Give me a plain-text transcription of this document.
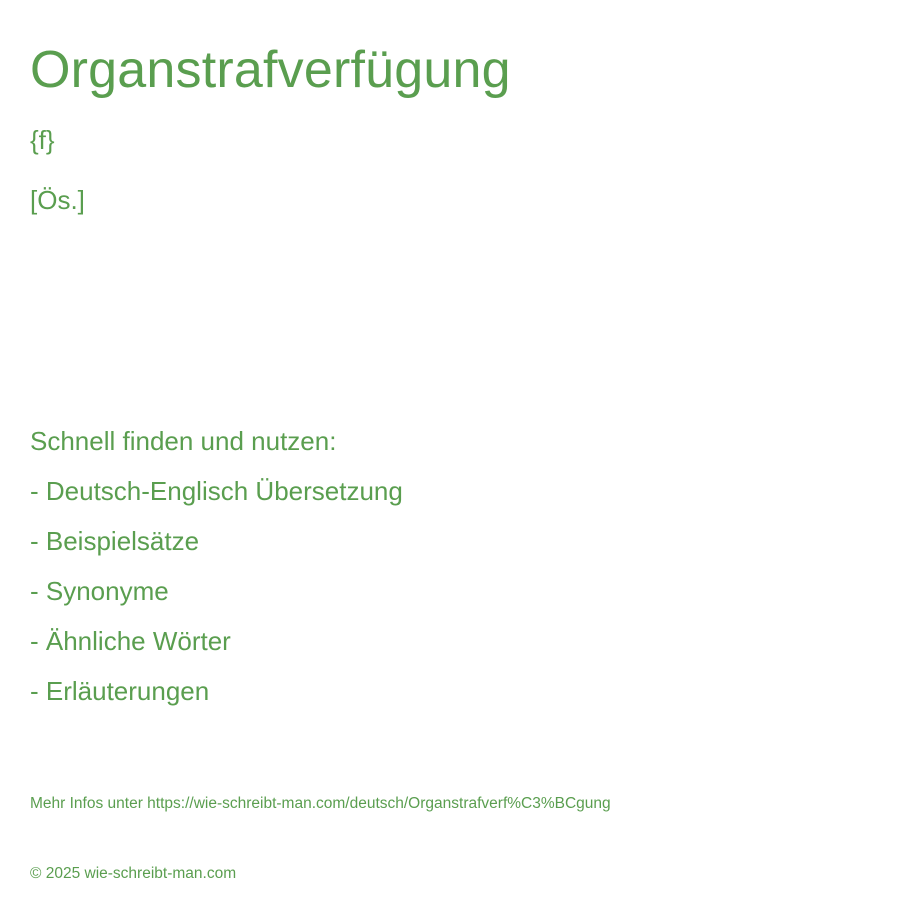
Organstrafverfügung
{f}
[Ös.]
Schnell finden und nutzen:
- Deutsch-Englisch Übersetzung
- Beispielsätze
- Synonyme
- Ähnliche Wörter
- Erläuterungen
Mehr Infos unter https://wie-schreibt-man.com/deutsch/Organstrafverf%C3%BCgung
© 2025 wie-schreibt-man.com
